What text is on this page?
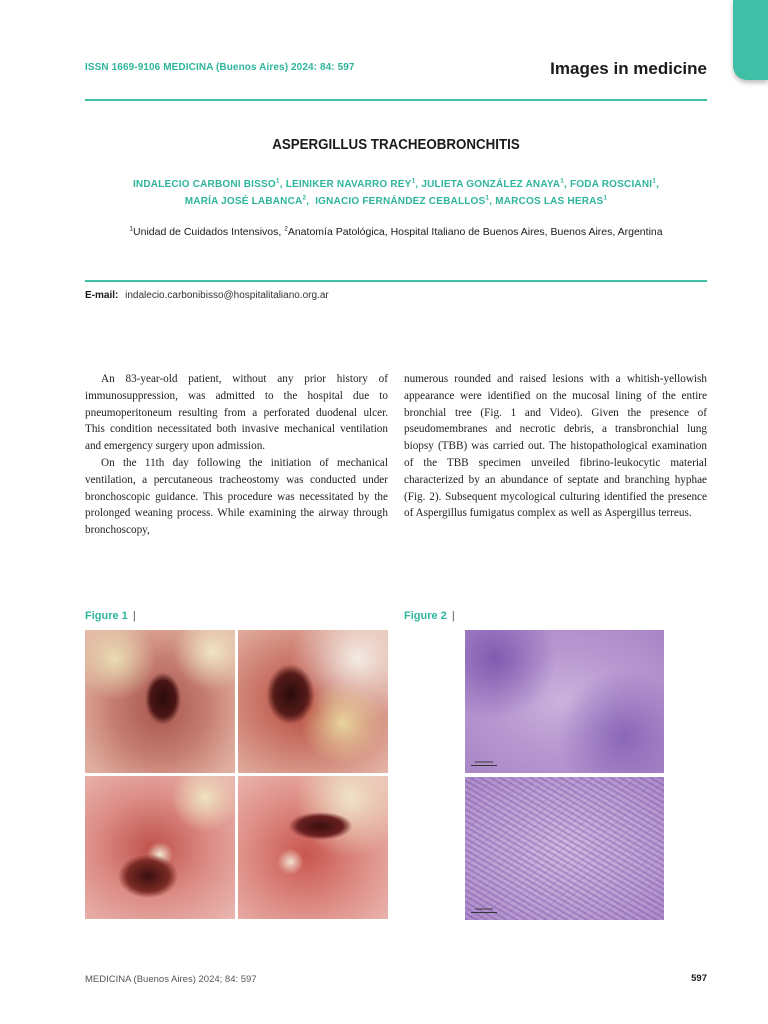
ISSN 1669-9106 MEDICINA (Buenos Aires) 2024: 84: 597	Images in medicine
ASPERGILLUS TRACHEOBRONCHITIS
INDALECIO CARBONI BISSO$^1$, LEINIKER NAVARRO REY$^1$, JULIETA GONZÁLEZ ANAYA$^1$, FODA ROSCIANI$^1$,
MARÍA JOSÉ LABANCA$^2$,  IGNACIO FERNÁNDEZ CEBALLOS$^1$, MARCOS LAS HERAS$^1$
$^1$Unidad de Cuidados Intensivos, $^2$Anatomía Patológica, Hospital Italiano de Buenos Aires, Buenos Aires, Argentina
E-mail: indalecio.carbonibisso@hospitalitaliano.org.ar

An 83-year-old patient, without any prior history of immunosuppression, was admitted to the hospital due to pneumoperitoneum resulting from a perforated duodenal ulcer. This condition necessitated both invasive mechanical ventilation and emergency surgery upon admission.

On the 11th day following the initiation of mechanical ventilation, a percutaneous tracheostomy was conducted under bronchoscopic guidance. This procedure was necessitated by the prolonged weaning process. While examining the airway through bronchoscopy,

numerous rounded and raised lesions with a whitish-yellowish appearance were identified on the mucosal lining of the entire bronchial tree (Fig. 1 and Video). Given the presence of pseudomembranes and necrotic debris, a transbronchial lung biopsy (TBB) was carried out. The histopathological examination of the TBB specimen unveiled fibrino-leukocytic material characterized by an abundance of septate and branching hyphae (Fig. 2). Subsequent mycological culturing identified the presence of Aspergillus fumigatus complex as well as Aspergillus terreus.

Figure 1 |	Figure 2 |
MEDICINA (Buenos Aires) 2024; 84: 597	597
